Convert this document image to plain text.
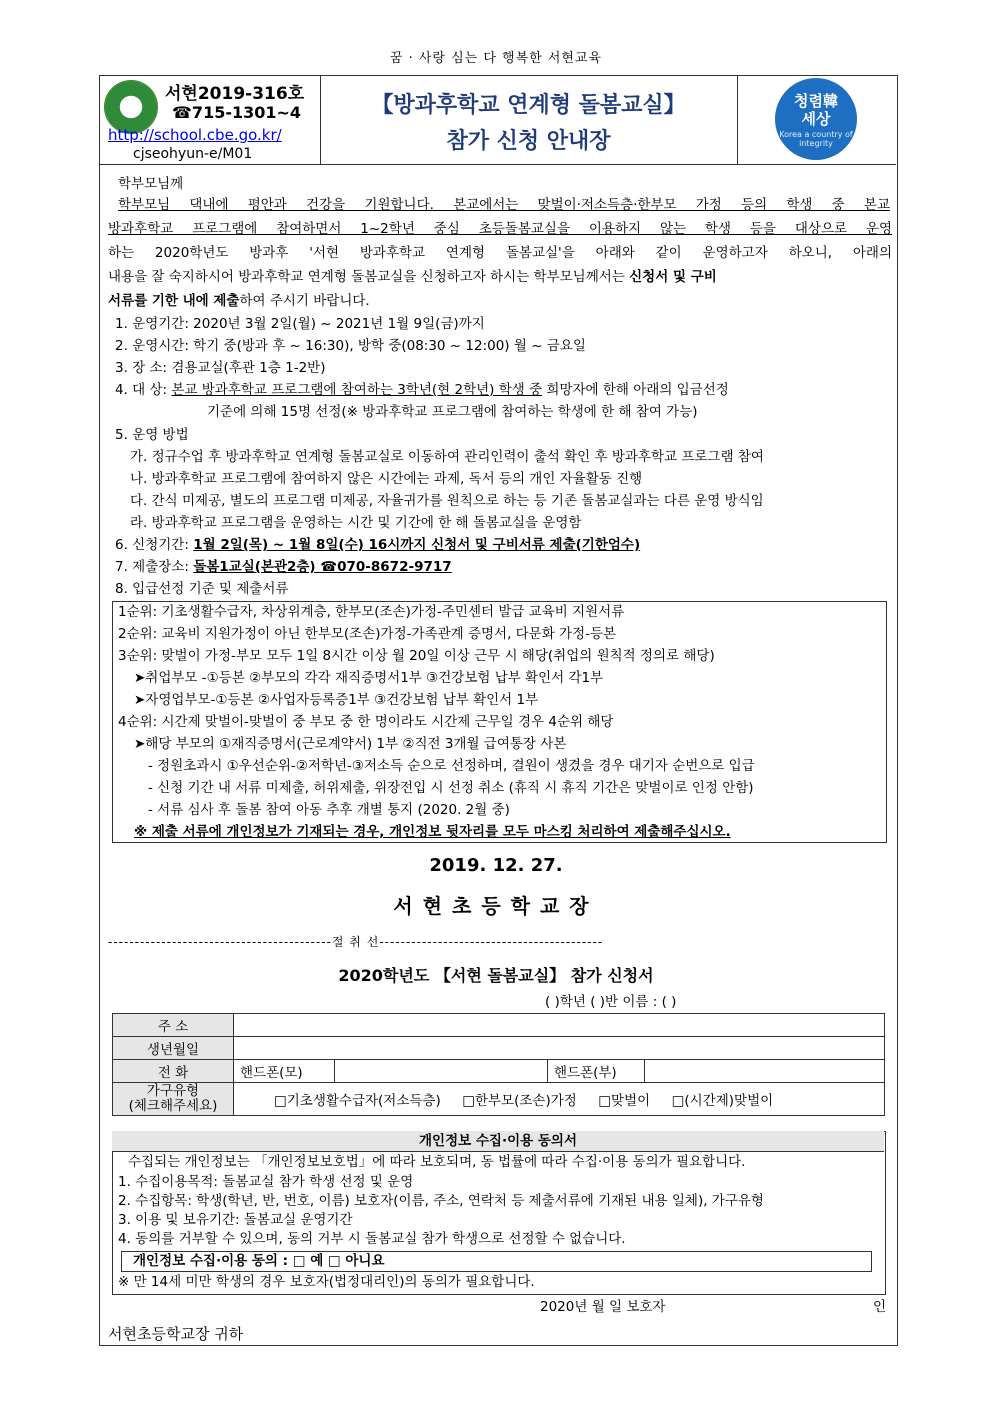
꿈 · 사랑 심는 다 행복한 서현교육
서현2019-316호
☎715-1301~4
http://school.cbe.go.kr/
cjseohyun-e/M01
【방과후학교 연계형 돌봄교실】
참가 신청 안내장
청렴韓
세상
Korea a country of integrity
학부모님께
학부모님 댁내에 평안과 건강을 기원합니다. 본교에서는 맞벌이·저소득층·한부모 가정 등의 학생 중 본교
방과후학교 프로그램에 참여하면서 1~2학년 중심 초등돌봄교실을 이용하지 않는 학생 등을 대상으로 운영
하는 2020학년도 방과후 '서현 방과후학교 연계형 돌봄교실'을 아래와 같이 운영하고자 하오니, 아래의
내용을 잘 숙지하시어 방과후학교 연계형 돌봄교실을 신청하고자 하시는 학부모님께서는 신청서 및 구비
서류를 기한 내에 제출하여 주시기 바랍니다.
1. 운영기간: 2020년 3월 2일(월) ~ 2021년 1월 9일(금)까지
2. 운영시간: 학기 중(방과 후 ~ 16:30), 방학 중(08:30 ~ 12:00) 월 ~ 금요일
3. 장 소: 겸용교실(후관 1층 1-2반)
4. 대 상: 본교 방과후학교 프로그램에 참여하는 3학년(현 2학년) 학생 중 희망자에 한해 아래의 입금선정
기준에 의해 15명 선정(※ 방과후학교 프로그램에 참여하는 학생에 한 해 참여 가능)
5. 운영 방법
가. 정규수업 후 방과후학교 연계형 돌봄교실로 이동하여 관리인력이 출석 확인 후 방과후학교 프로그램 참여
나. 방과후학교 프로그램에 참여하지 않은 시간에는 과제, 독서 등의 개인 자율활동 진행
다. 간식 미제공, 별도의 프로그램 미제공, 자율귀가를 원칙으로 하는 등 기존 돌봄교실과는 다른 운영 방식임
라. 방과후학교 프로그램을 운영하는 시간 및 기간에 한 해 돌봄교실을 운영함
6. 신청기간: 1월 2일(목) ~ 1월 8일(수) 16시까지 신청서 및 구비서류 제출(기한엄수)
7. 제출장소: 돌봄1교실(본관2층) ☎070-8672-9717
8. 입급선정 기준 및 제출서류
1순위: 기초생활수급자, 차상위계층, 한부모(조손)가정-주민센터 발급 교육비 지원서류
2순위: 교육비 지원가정이 아닌 한부모(조손)가정-가족관계 증명서, 다문화 가정-등본
3순위: 맞벌이 가정-부모 모두 1일 8시간 이상 월 20일 이상 근무 시 해당(취업의 원칙적 정의로 해당)
➤취업부모 -①등본 ②부모의 각각 재직증명서1부 ③건강보험 납부 확인서 각1부
➤자영업부모-①등본 ②사업자등록증1부 ③건강보험 납부 확인서 1부
4순위: 시간제 맞벌이-맞벌이 중 부모 중 한 명이라도 시간제 근무일 경우 4순위 해당
➤해당 부모의 ①재직증명서(근로계약서) 1부 ②직전 3개월 급여통장 사본
- 정원초과시 ①우선순위-②저학년-③저소득 순으로 선정하며, 결원이 생겼을 경우 대기자 순번으로 입급
- 신청 기간 내 서류 미제출, 허위제출, 위장전입 시 선정 취소 (휴직 시 휴직 기간은 맞벌이로 인정 안함)
- 서류 심사 후 돌봄 참여 아동 추후 개별 통지 (2020. 2월 중)
※ 제출 서류에 개인정보가 기재되는 경우, 개인정보 뒷자리를 모두 마스킹 처리하여 제출해주십시오.
2019. 12. 27.
서현초등학교장
------------------------------------------절 취 선------------------------------------------
2020학년도 【서현 돌봄교실】 참가 신청서
( )학년 ( )반 이름 : ( )
주 소				
생년월일				
전 화	핸드폰(모)		핸드폰(부)	
가구유형
(체크해주세요)	□기초생활수급자(저소득층) □한부모(조손)가정 □맞벌이 □(시간제)맞벌이			
개인정보 수집·이용 동의서
수집되는 개인정보는 「개인정보보호법」에 따라 보호되며, 동 법률에 따라 수집·이용 동의가 필요합니다.
1. 수집이용목적: 돌봄교실 참가 학생 선정 및 운영
2. 수집항목: 학생(학년, 반, 번호, 이름) 보호자(이름, 주소, 연락처 등 제출서류에 기재된 내용 일체), 가구유형
3. 이용 및 보유기간: 돌봄교실 운영기간
4. 동의를 거부할 수 있으며, 동의 거부 시 돌봄교실 참가 학생으로 선정할 수 없습니다.
개인정보 수집·이용 동의 : □ 예 □ 아니요
※ 만 14세 미만 학생의 경우 보호자(법정대리인)의 동의가 필요합니다.
2020년 월 일 보호자	인
서현초등학교장 귀하
